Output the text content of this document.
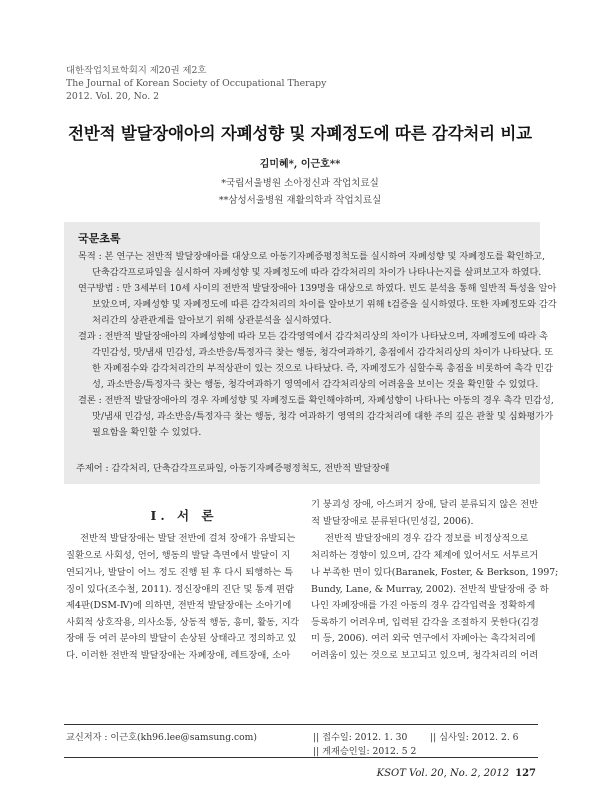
대한작업치료학회지 제20권 제2호
The Journal of Korean Society of Occupational Therapy
2012. Vol. 20, No. 2
전반적 발달장애아의 자폐성향 및 자폐정도에 따른 감각처리 비교
김미혜*, 이근호**
*국립서울병원 소아정신과 작업치료실
**삼성서울병원 재활의학과 작업치료실
국문초록
목적 : 본 연구는 전반적 발달장애아를 대상으로 아동기자폐증평정척도를 실시하여 자폐성향 및 자폐정도를 확인하고,
단축감각프로파일을 실시하여 자폐성향 및 자폐정도에 따라 감각처리의 차이가 나타나는지를 살펴보고자 하였다.
연구방법 : 만 3세부터 10세 사이의 전반적 발달장애아 139명을 대상으로 하였다. 빈도 분석을 통해 일반적 특성을 알아
보았으며, 자폐성향 및 자폐정도에 따른 감각처리의 차이를 알아보기 위해 t검증을 실시하였다. 또한 자폐정도와 감각
처리간의 상관관계를 알아보기 위해 상관분석을 실시하였다.
결과 : 전반적 발달장애아의 자폐성향에 따라 모든 감각영역에서 감각처리상의 차이가 나타났으며, 자폐정도에 따라 촉
각민감성, 맛/냄새 민감성, 과소반응/특정자극 찾는 행동, 청각여과하기, 총점에서 감각처리상의 차이가 나타났다. 또
한 자폐점수와 감각처리간의 부적상관이 있는 것으로 나타났다. 즉, 자폐정도가 심할수록 총점을 비롯하여 촉각 민감
성, 과소반응/특정자극 찾는 행동, 청각여과하기 영역에서 감각처리상의 어려움을 보이는 것을 확인할 수 있었다.
결론 : 전반적 발달장애아의 경우 자폐성향 및 자폐정도를 확인해야하며, 자폐성향이 나타나는 아동의 경우 촉각 민감성,
맛/냄새 민감성, 과소반응/특정자극 찾는 행동, 청각 여과하기 영역의 감각처리에 대한 주의 깊은 관찰 및 심화평가가
필요함을 확인할 수 있었다.
주제어 : 감각처리, 단축감각프로파일, 아동기자폐증평정척도, 전반적 발달장애
Ⅰ. 서 론
전반적 발달장애는 발달 전반에 걸쳐 장애가 유발되는
질환으로 사회성, 언어, 행동의 발달 측면에서 발달이 지
연되거나, 발달이 어느 정도 진행 된 후 다시 퇴행하는 특
징이 있다(조수철, 2011). 정신장애의 진단 및 통계 편람
제4판(DSM-Ⅳ)에 의하면, 전반적 발달장애는 소아기에
사회적 상호작용, 의사소통, 상동적 행동, 흥미, 활동, 지각
장애 등 여러 분야의 발달이 손상된 상태라고 정의하고 있
다. 이러한 전반적 발달장애는 자폐장애, 레트장애, 소아
기 붕괴성 장애, 아스퍼거 장애, 달리 분류되지 않은 전반
적 발달장애로 분류된다(민성길, 2006).
전반적 발달장애의 경우 감각 정보를 비정상적으로
처리하는 경향이 있으며, 감각 체계에 있어서도 서투르거
나 부족한 면이 있다(Baranek, Foster, & Berkson, 1997;
Bundy, Lane, & Murray, 2002). 전반적 발달장애 중 하
나인 자폐장애를 가진 아동의 경우 감각입력을 정확하게
등록하기 어려우며, 입력된 감각을 조절하지 못한다(김경
미 등, 2006). 여러 외국 연구에서 자폐아는 촉각처리에
어려움이 있는 것으로 보고되고 있으며, 청각처리의 어려
교신저자 : 이근호(kh96.lee@samsung.com)	|| 접수일: 2012. 1. 30 || 심사일: 2012. 2. 6
|| 게재승인일: 2012. 5 2
KSOT Vol. 20, No. 2, 2012 127
